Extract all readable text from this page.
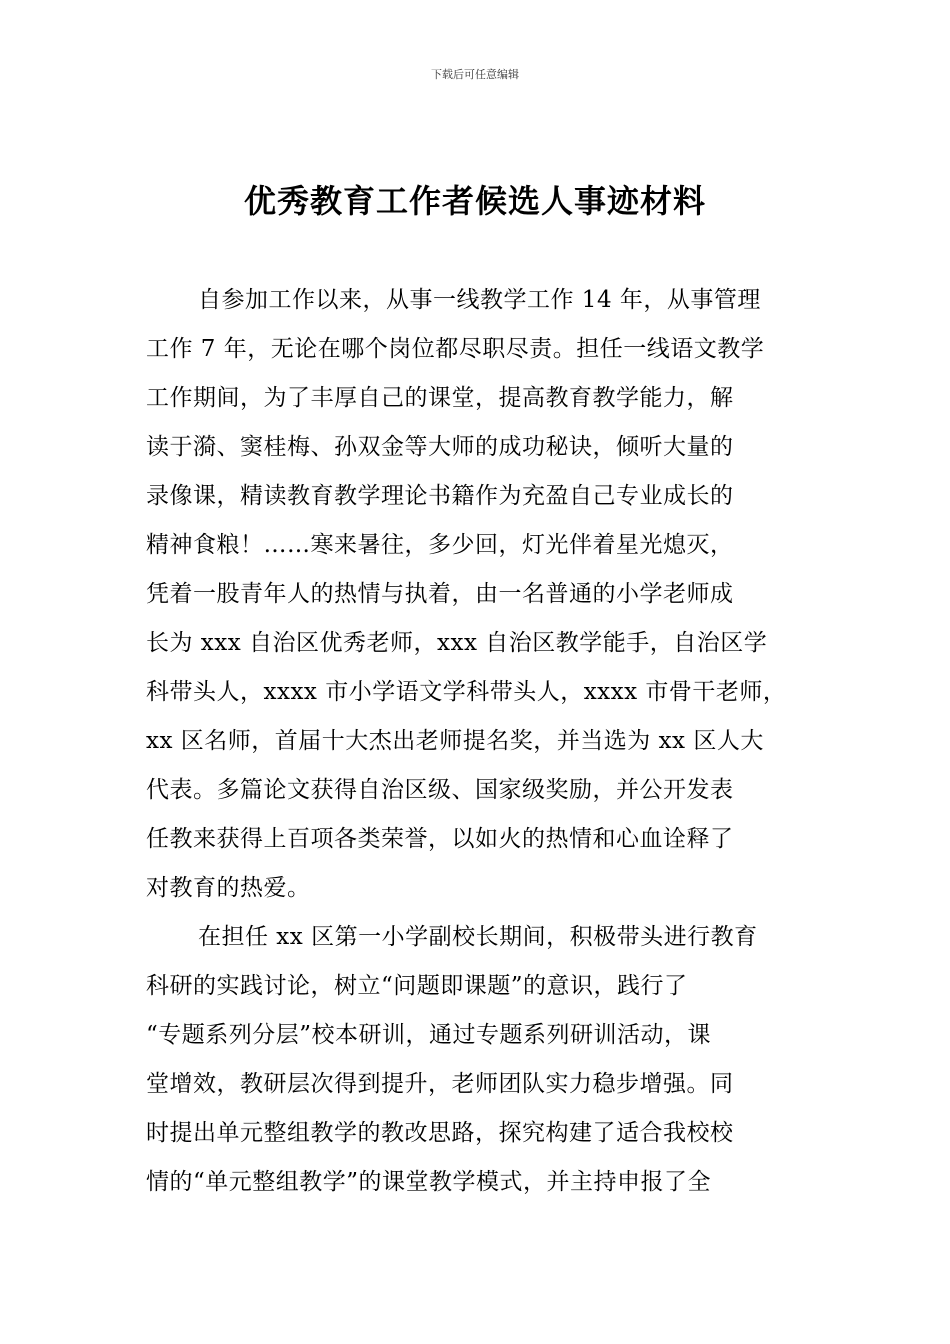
下载后可任意编辑
优秀教育工作者候选人事迹材料
自参加工作以来，从事一线教学工作 14 年，从事管理
工作 7 年，无论在哪个岗位都尽职尽责。担任一线语文教学
工作期间，为了丰厚自己的课堂，提高教育教学能力，解
读于漪、窦桂梅、孙双金等大师的成功秘诀，倾听大量的
录像课，精读教育教学理论书籍作为充盈自己专业成长的
精神食粮！……寒来暑往，多少回，灯光伴着星光熄灭，
凭着一股青年人的热情与执着，由一名普通的小学老师成
长为 xxx 自治区优秀老师，xxx 自治区教学能手，自治区学
科带头人，xxxx 市小学语文学科带头人，xxxx 市骨干老师，
xx 区名师，首届十大杰出老师提名奖，并当选为 xx 区人大
代表。多篇论文获得自治区级、国家级奖励，并公开发表
任教来获得上百项各类荣誉，以如火的热情和心血诠释了
对教育的热爱。
在担任 xx 区第一小学副校长期间，积极带头进行教育
科研的实践讨论，树立“问题即课题”的意识，践行了
“专题系列分层”校本研训，通过专题系列研训活动，课
堂增效，教研层次得到提升，老师团队实力稳步增强。同
时提出单元整组教学的教改思路，探究构建了适合我校校
情的“单元整组教学”的课堂教学模式，并主持申报了全
